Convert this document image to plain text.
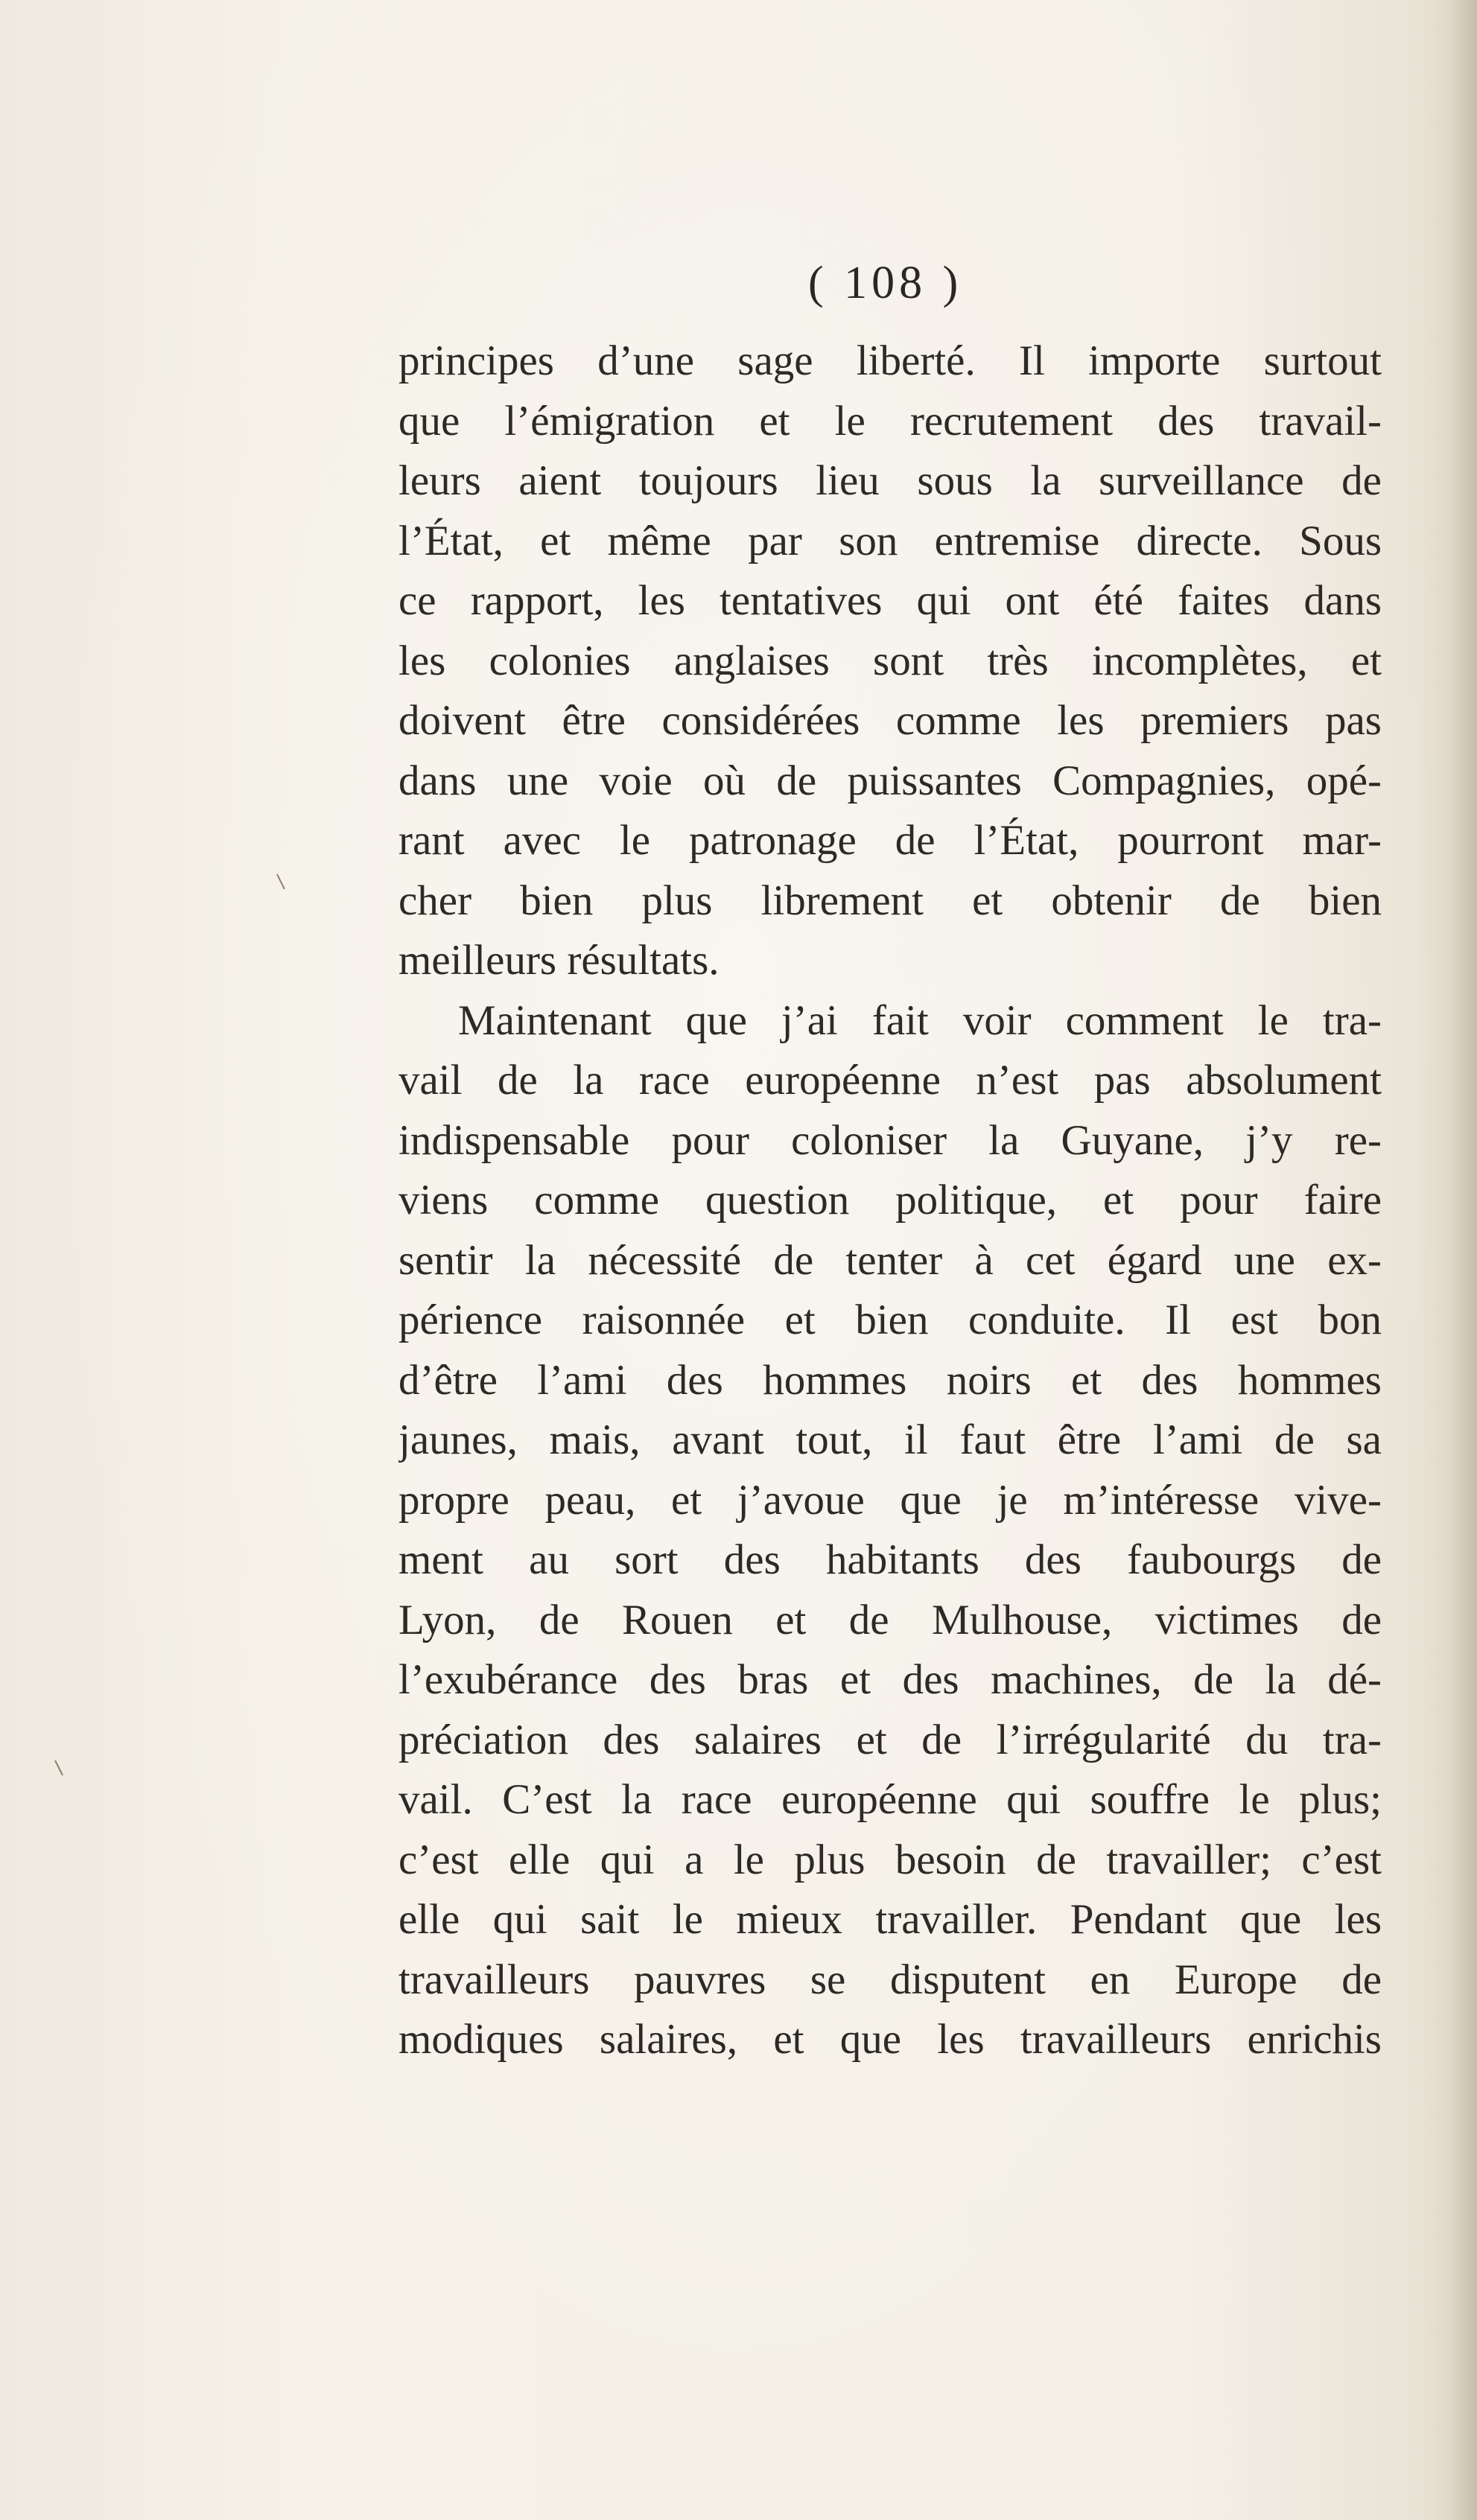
( 108 )
principes d’une sage liberté. Il importe surtout
que l’émigration et le recrutement des travail-
leurs aient toujours lieu sous la surveillance de
l’État, et même par son entremise directe. Sous
ce rapport, les tentatives qui ont été faites dans
les colonies anglaises sont très incomplètes, et
doivent être considérées comme les premiers pas
dans une voie où de puissantes Compagnies, opé-
rant avec le patronage de l’État, pourront mar-
cher bien plus librement et obtenir de bien
meilleurs résultats.
Maintenant que j’ai fait voir comment le tra-
vail de la race européenne n’est pas absolument
indispensable pour coloniser la Guyane, j’y re-
viens comme question politique, et pour faire
sentir la nécessité de tenter à cet égard une ex-
périence raisonnée et bien conduite. Il est bon
d’être l’ami des hommes noirs et des hommes
jaunes, mais, avant tout, il faut être l’ami de sa
propre peau, et j’avoue que je m’intéresse vive-
ment au sort des habitants des faubourgs de
Lyon, de Rouen et de Mulhouse, victimes de
l’exubérance des bras et des machines, de la dé-
préciation des salaires et de l’irrégularité du tra-
vail. C’est la race européenne qui souffre le plus;
c’est elle qui a le plus besoin de travailler; c’est
elle qui sait le mieux travailler. Pendant que les
travailleurs pauvres se disputent en Europe de
modiques salaires, et que les travailleurs enrichis
